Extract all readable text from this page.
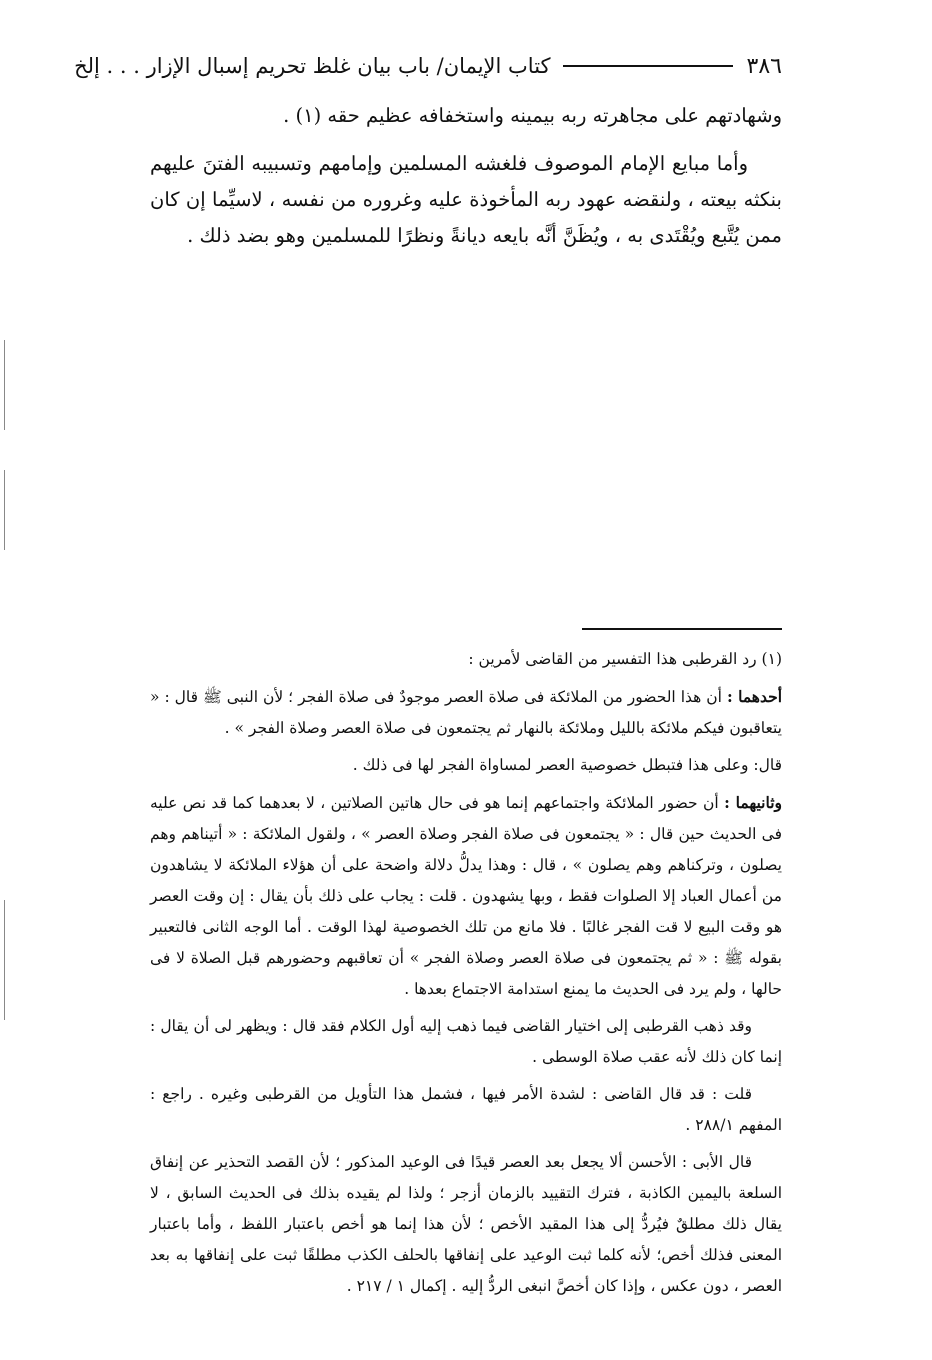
٣٨٦
كتاب الإيمان/ باب بيان غلظ تحريم إسبال الإزار . . . إلخ

وشهادتهم على مجاهرته ربه بيمينه واستخفافه عظيم حقه (١) .

وأما مبايع الإمام الموصوف فلغشه المسلمين وإمامهم وتسبيبه الفتنَ عليهم بنكثه بيعته ، ولنقضه عهود ربه المأخوذة عليه وغروره من نفسه ، لاسيِّما إن كان ممن يُتَّبع ويُقْتَدى به ، ويُظَنَّ أنَّه بايعه ديانةً ونظرًا للمسلمين وهو بضد ذلك .

(١) رد القرطبى هذا التفسير من القاضى لأمرين :

أحدهما : أن هذا الحضور من الملائكة فى صلاة العصر موجودٌ فى صلاة الفجر ؛ لأن النبى ﷺ قال : « يتعاقبون فيكم ملائكة بالليل وملائكة بالنهار ثم يجتمعون فى صلاة العصر وصلاة الفجر » .

قال: وعلى هذا فتبطل خصوصية العصر لمساواة الفجر لها فى ذلك .

وثانيهما : أن حضور الملائكة واجتماعهم إنما هو فى حال هاتين الصلاتين ، لا بعدهما كما قد نص عليه فى الحديث حين قال : « يجتمعون فى صلاة الفجر وصلاة العصر » ، ولقول الملائكة : « أتيناهم وهم يصلون ، وتركناهم وهم يصلون » ، قال : وهذا يدلُّ دلالة واضحة على أن هؤلاء الملائكة لا يشاهدون من أعمال العباد إلا الصلوات فقط ، وبها يشهدون . قلت : يجاب على ذلك بأن يقال : إن وقت العصر هو وقت البيع لا قت الفجر غالبًا . فلا مانع من تلك الخصوصية لهذا الوقت . أما الوجه الثانى فالتعبير بقوله ﷺ : « ثم يجتمعون فى صلاة العصر وصلاة الفجر » أن تعاقبهم وحضورهم قبل الصلاة لا فى حالها ، ولم يرد فى الحديث ما يمنع استدامة الاجتماع بعدها .

وقد ذهب القرطبى إلى اختيار القاضى فيما ذهب إليه أول الكلام فقد قال : ويظهر لى أن يقال : إنما كان ذلك لأنه عقب صلاة الوسطى .

قلت : قد قال القاضى : لشدة الأمر فيها ، فشمل هذا التأويل من القرطبى وغيره . راجع : المفهم ٢٨٨/١ .

قال الأبى : الأحسن ألا يجعل بعد العصر قيدًا فى الوعيد المذكور ؛ لأن القصد التحذير عن إنفاق السلعة باليمين الكاذبة ، فترك التقييد بالزمان أزجر ؛ ولذا لم يقيده بذلك فى الحديث السابق ، لا يقال ذلك مطلقٌ فيُردُّ إلى هذا المقيد الأخص ؛ لأن هذا إنما هو أخص باعتبار اللفظ ، وأما باعتبار المعنى فذلك أخص؛ لأنه كلما ثبت الوعيد على إنفاقها بالحلف الكذب مطلقًا ثبت على إنفاقها به بعد العصر ، دون عكس ، وإذا كان أخصَّ انبغى الردُّ إليه . إكمال ١ / ٢١٧ .
